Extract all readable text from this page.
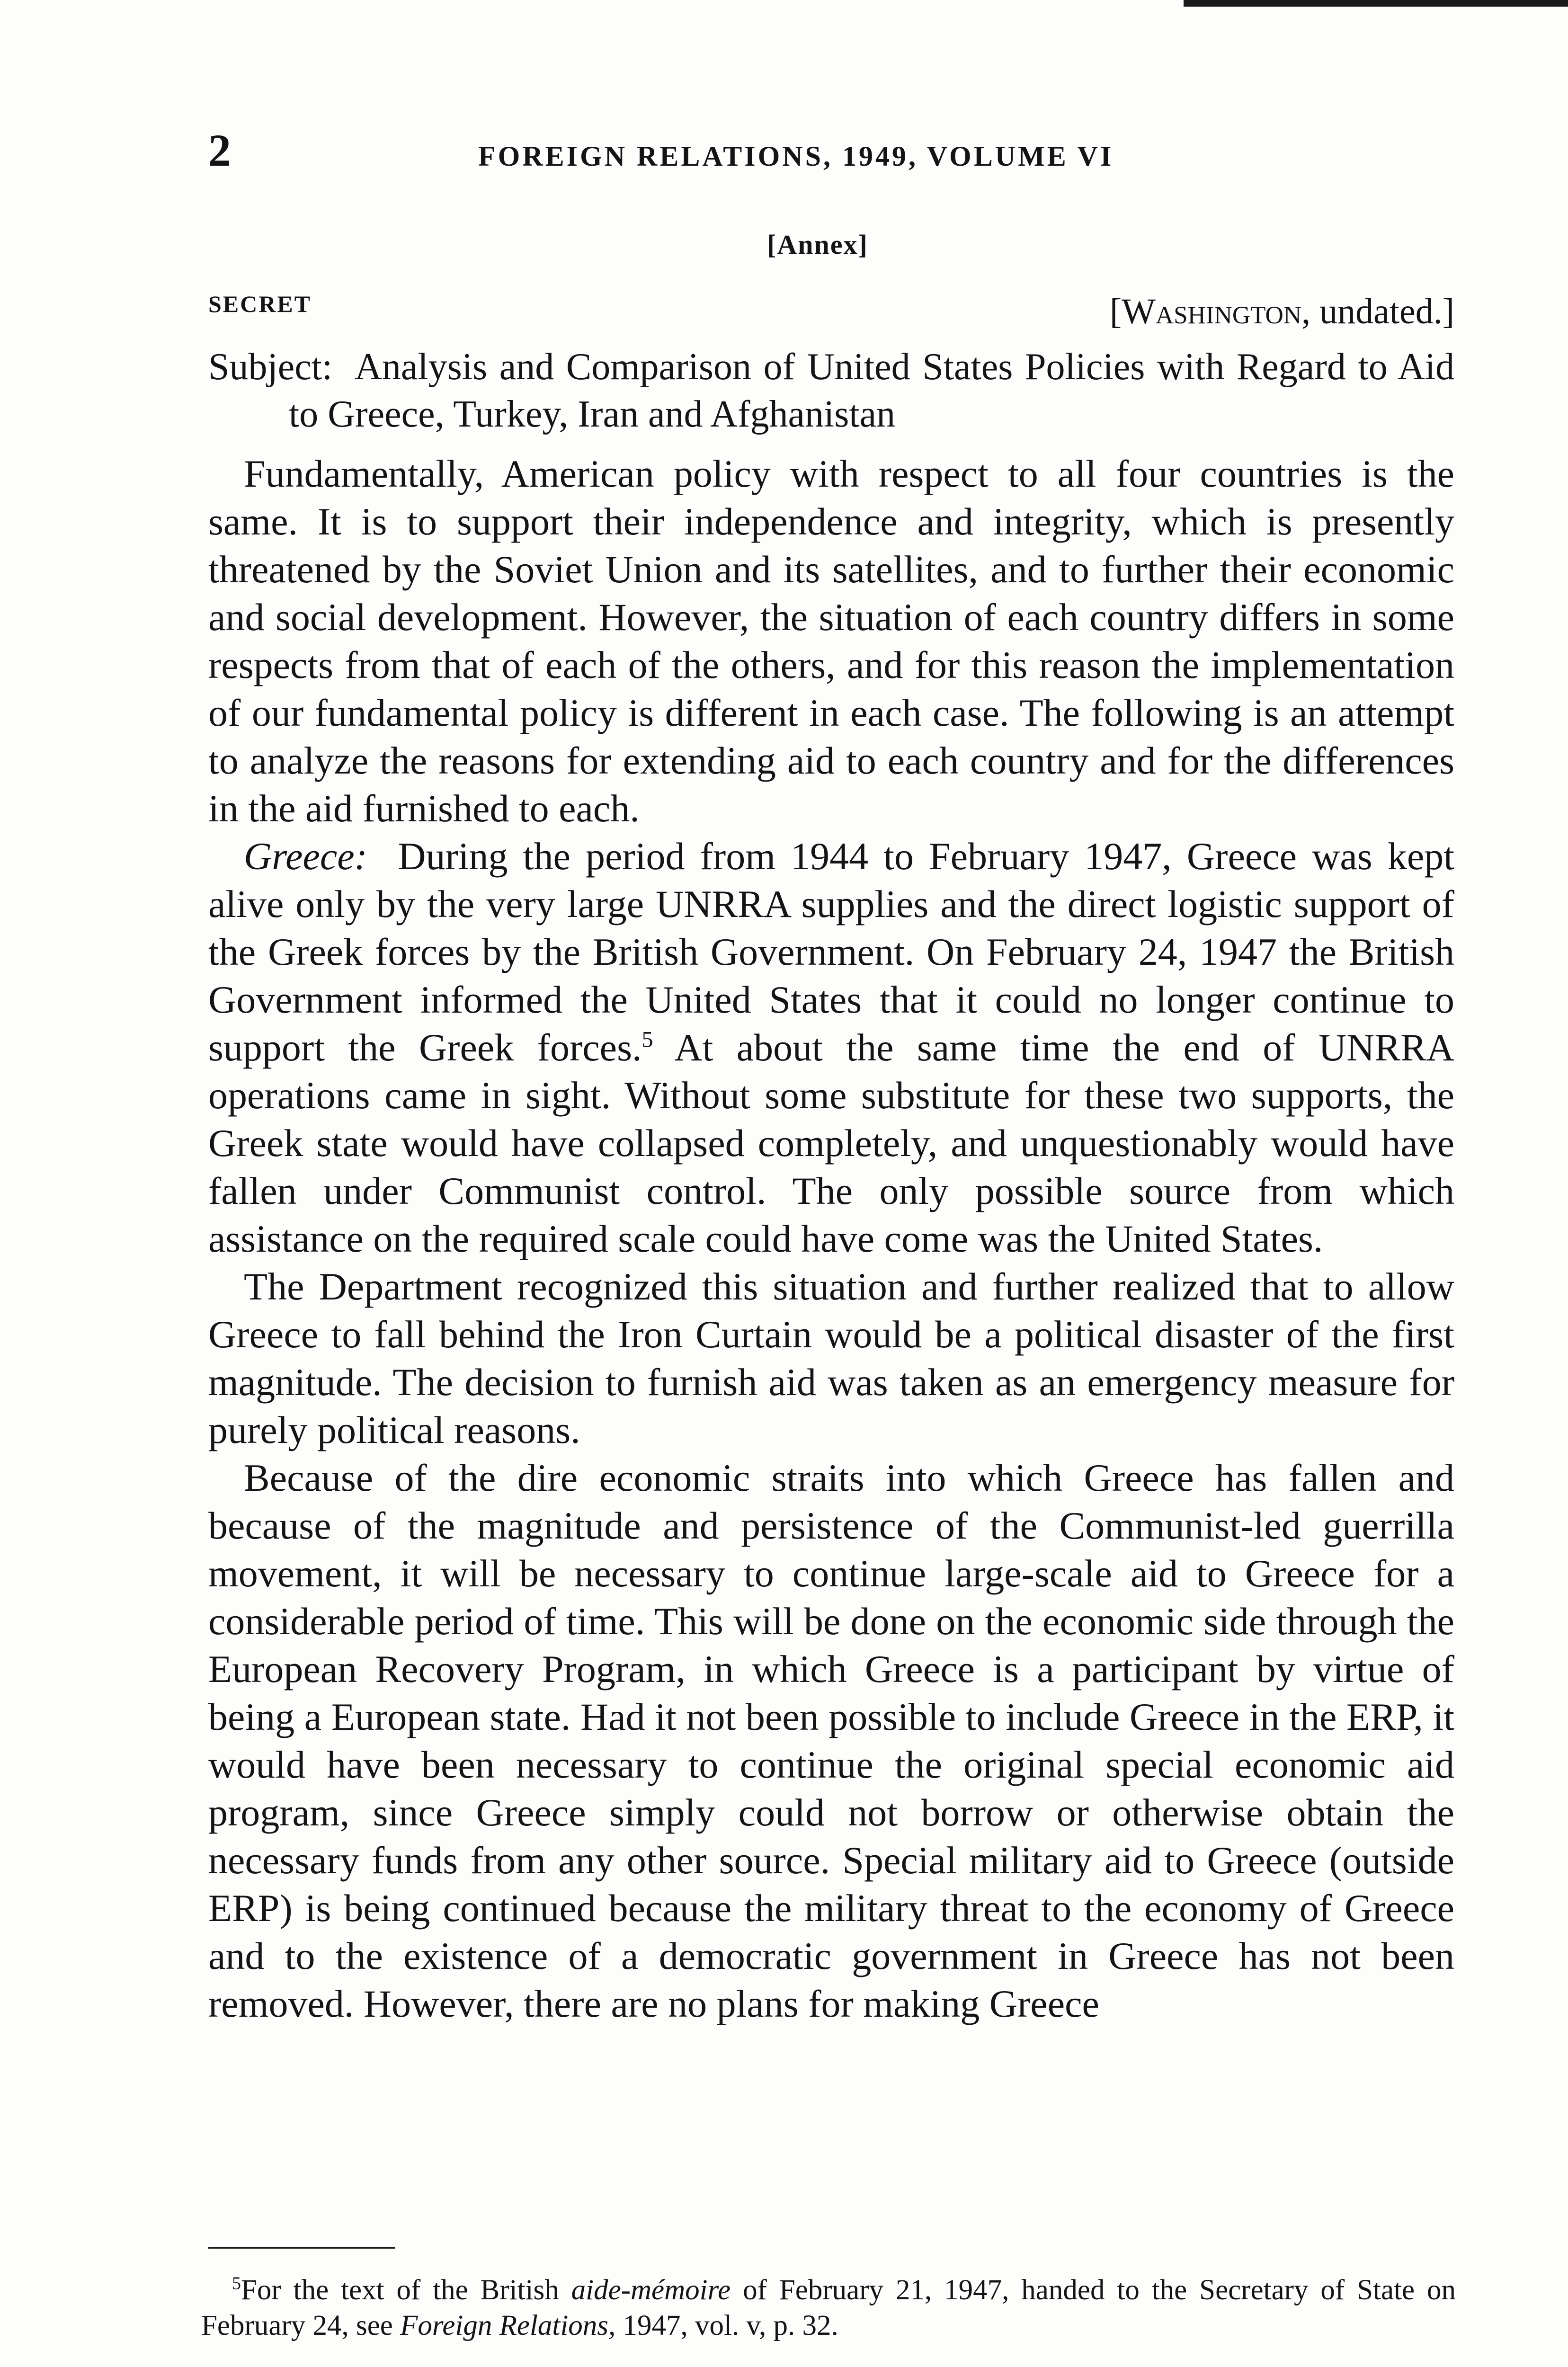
2	FOREIGN RELATIONS, 1949, VOLUME VI
[Annex]
SECRET	[Washington, undated.]
Subject: Analysis and Comparison of United States Policies with Regard to Aid to Greece, Turkey, Iran and Afghanistan

Fundamentally, American policy with respect to all four countries is the same. It is to support their independence and integrity, which is presently threatened by the Soviet Union and its satellites, and to further their economic and social development. However, the situation of each country differs in some respects from that of each of the others, and for this reason the implementation of our fundamental policy is different in each case. The following is an attempt to analyze the reasons for extending aid to each country and for the differences in the aid furnished to each.

Greece: During the period from 1944 to February 1947, Greece was kept alive only by the very large UNRRA supplies and the direct logistic support of the Greek forces by the British Government. On February 24, 1947 the British Government informed the United States that it could no longer continue to support the Greek forces.$^5$ At about the same time the end of UNRRA operations came in sight. Without some substitute for these two supports, the Greek state would have collapsed completely, and unquestionably would have fallen under Communist control. The only possible source from which assistance on the required scale could have come was the United States.

The Department recognized this situation and further realized that to allow Greece to fall behind the Iron Curtain would be a political disaster of the first magnitude. The decision to furnish aid was taken as an emergency measure for purely political reasons.

Because of the dire economic straits into which Greece has fallen and because of the magnitude and persistence of the Communist-led guerrilla movement, it will be necessary to continue large-scale aid to Greece for a considerable period of time. This will be done on the economic side through the European Recovery Program, in which Greece is a participant by virtue of being a European state. Had it not been possible to include Greece in the ERP, it would have been necessary to continue the original special economic aid program, since Greece simply could not borrow or otherwise obtain the necessary funds from any other source. Special military aid to Greece (outside ERP) is being continued because the military threat to the economy of Greece and to the existence of a democratic government in Greece has not been removed. However, there are no plans for making Greece

$^5$For the text of the British aide-mémoire of February 21, 1947, handed to the Secretary of State on February 24, see Foreign Relations, 1947, vol. v, p. 32.
